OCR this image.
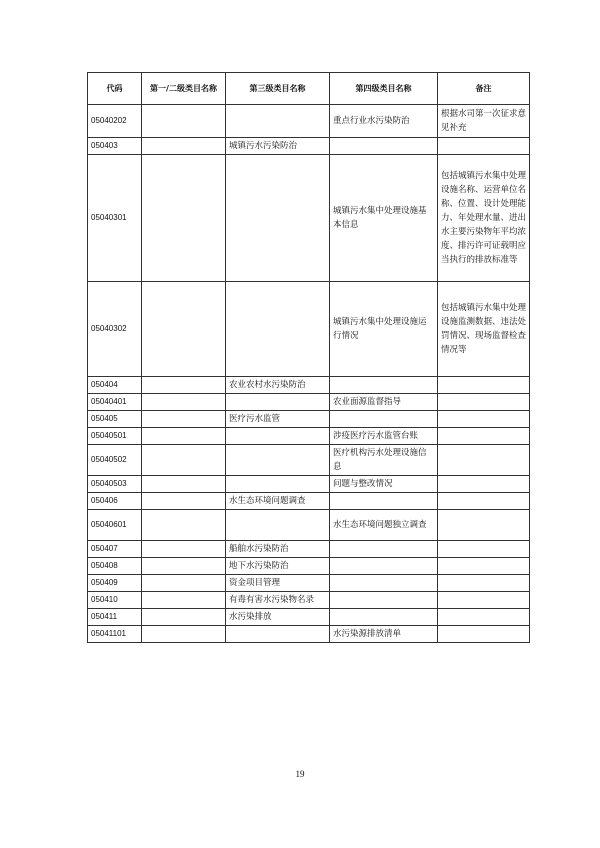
代码	第一/二级类目名称	第三级类目名称	第四级类目名称	备注
05040202			重点行业水污染防治	根据水司第一次征求意见补充
050403		城镇污水污染防治		
05040301			城镇污水集中处理设施基本信息	包括城镇污水集中处理设施名称、运营单位名称、位置、设计处理能力、年处理水量、进出水主要污染物年平均浓度、排污许可证载明应当执行的排放标准等
05040302			城镇污水集中处理设施运行情况	包括城镇污水集中处理设施监测数据、违法处罚情况、现场监督检查情况等
050404		农业农村水污染防治		
05040401			农业面源监督指导	
050405		医疗污水监管		
05040501			涉疫医疗污水监管台账	
05040502			医疗机构污水处理设施信息	
05040503			问题与整改情况	
050406		水生态环境问题调查		
05040601			水生态环境问题独立调查	
050407		船舶水污染防治		
050408		地下水污染防治		
050409		资金项目管理		
050410		有毒有害水污染物名录		
050411		水污染排放		
05041101			水污染源排放清单	
19
